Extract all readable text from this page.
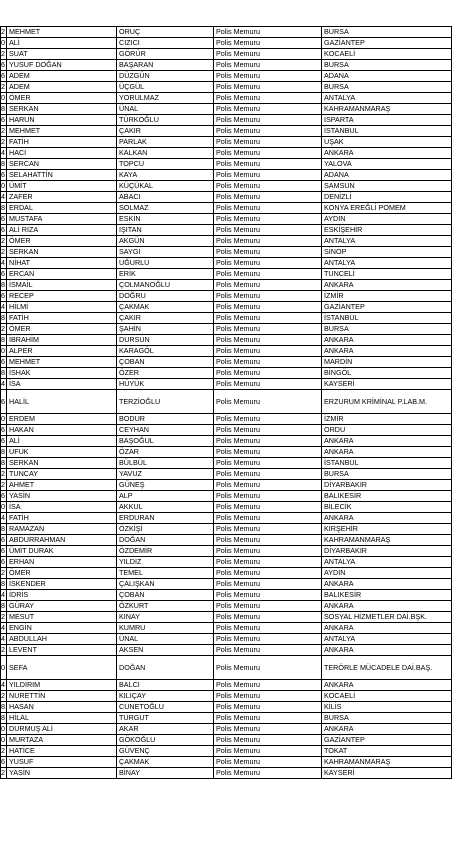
2	MEHMET	ORUÇ	Polis Memuru	BURSA
0	ALİ	CIZICI	Polis Memuru	GAZİANTEP
2	SUAT	GÖRÜR	Polis Memuru	KOCAELİ
6	YUSUF DOĞAN	BAŞARAN	Polis Memuru	BURSA
6	ADEM	DÜZGÜN	Polis Memuru	ADANA
2	ADEM	ÜÇGÜL	Polis Memuru	BURSA
0	ÖMER	YORULMAZ	Polis Memuru	ANTALYA
8	SERKAN	ÜNAL	Polis Memuru	KAHRAMANMARAŞ
6	HARUN	TÜRKOĞLU	Polis Memuru	ISPARTA
2	MEHMET	ÇAKIR	Polis Memuru	İSTANBUL
2	FATİH	PARLAK	Polis Memuru	UŞAK
4	HACI	KALKAN	Polis Memuru	ANKARA
8	SERCAN	TOPCU	Polis Memuru	YALOVA
6	SELAHATTİN	KAYA	Polis Memuru	ADANA
0	ÜMİT	KÜÇÜKAL	Polis Memuru	SAMSUN
4	ZAFER	ABACI	Polis Memuru	DENİZLİ
8	ERDAL	SOLMAZ	Polis Memuru	KONYA EREĞLİ POMEM
6	MUSTAFA	ESKİN	Polis Memuru	AYDIN
6	ALİ RIZA	IŞITAN	Polis Memuru	ESKİŞEHİR
2	ÖMER	AKGÜN	Polis Memuru	ANTALYA
2	SERKAN	SAYGI	Polis Memuru	SİNOP
4	NİHAT	UĞURLU	Polis Memuru	ANTALYA
6	ERCAN	ERİK	Polis Memuru	TUNCELİ
8	İSMAİL	ÇOLMANOĞLU	Polis Memuru	ANKARA
6	RECEP	DOĞRU	Polis Memuru	İZMİR
4	HİLMİ	ÇAKMAK	Polis Memuru	GAZİANTEP
8	FATİH	ÇAKIR	Polis Memuru	İSTANBUL
2	ÖMER	ŞAHİN	Polis Memuru	BURSA
8	İBRAHİM	DURSUN	Polis Memuru	ANKARA
0	ALPER	KARAGÖL	Polis Memuru	ANKARA
6	MEHMET	ÇOBAN	Polis Memuru	MARDİN
8	İSHAK	ÖZER	Polis Memuru	BİNGÖL
4	İSA	HÜYÜK	Polis Memuru	KAYSERİ
6	HALİL	TERZİOĞLU	Polis Memuru	ERZURUM KRİMİNAL P.LAB.M.
0	ERDEM	BODUR	Polis Memuru	İZMİR
6	HAKAN	CEYHAN	Polis Memuru	ORDU
6	ALİ	BAŞOĞUL	Polis Memuru	ANKARA
8	UFUK	ÖZAR	Polis Memuru	ANKARA
8	SERKAN	BÜLBÜL	Polis Memuru	İSTANBUL
2	TUNCAY	YAVUZ	Polis Memuru	BURSA
2	AHMET	GÜNEŞ	Polis Memuru	DİYARBAKIR
6	YASİN	ALP	Polis Memuru	BALIKESİR
0	İSA	AKKUL	Polis Memuru	BİLECİK
4	FATİH	ERDURAN	Polis Memuru	ANKARA
8	RAMAZAN	ÖZKİŞİ	Polis Memuru	KIRŞEHİR
6	ABDURRAHMAN	DOĞAN	Polis Memuru	KAHRAMANMARAŞ
6	ÜMİT DURAK	ÖZDEMİR	Polis Memuru	DİYARBAKIR
6	ERHAN	YILDIZ	Polis Memuru	ANTALYA
2	ÖMER	TEMEL	Polis Memuru	AYDIN
8	İSKENDER	ÇALIŞKAN	Polis Memuru	ANKARA
4	İDRİS	ÇOBAN	Polis Memuru	BALIKESİR
8	GÜRAY	ÖZKURT	Polis Memuru	ANKARA
2	MESUT	KINAY	Polis Memuru	SOSYAL HİZMETLER DAİ.BŞK.
4	ENGİN	KUMRU	Polis Memuru	ANKARA
4	ABDULLAH	ÜNAL	Polis Memuru	ANTALYA
2	LEVENT	AKSEN	Polis Memuru	ANKARA
0	SEFA	DOĞAN	Polis Memuru	TERÖRLE MÜCADELE DAİ.BAŞ.
4	YILDIRIM	BALCI	Polis Memuru	ANKARA
2	NURETTİN	KILIÇAY	Polis Memuru	KOCAELİ
8	HASAN	CUNETOĞLU	Polis Memuru	KİLİS
8	HİLAL	TURGUT	Polis Memuru	BURSA
0	DURMUŞ ALİ	AKAR	Polis Memuru	ANKARA
0	MURTAZA	GÖKOĞLU	Polis Memuru	GAZİANTEP
2	HATİCE	GÜVENÇ	Polis Memuru	TOKAT
6	YUSUF	ÇAKMAK	Polis Memuru	KAHRAMANMARAŞ
2	YASİN	BİNAY	Polis Memuru	KAYSERİ
